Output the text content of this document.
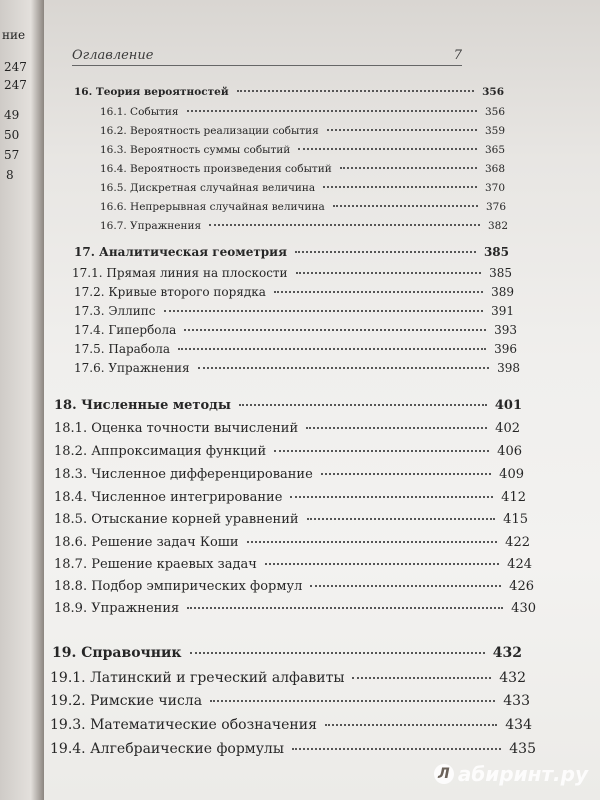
ние
247
247
49
50
57
8
Оглавление	7
16. Теория вероятностей	356
16.1. События	356
16.2. Вероятность реализации события	359
16.3. Вероятность суммы событий	365
16.4. Вероятность произведения событий	368
16.5. Дискретная случайная величина	370
16.6. Непрерывная случайная величина	376
16.7. Упражнения	382
17. Аналитическая геометрия	385
17.1. Прямая линия на плоскости	385
17.2. Кривые второго порядка	389
17.3. Эллипс	391
17.4. Гипербола	393
17.5. Парабола	396
17.6. Упражнения	398
18. Численные методы	401
18.1. Оценка точности вычислений	402
18.2. Аппроксимация функций	406
18.3. Численное дифференцирование	409
18.4. Численное интегрирование	412
18.5. Отыскание корней уравнений	415
18.6. Решение задач Коши	422
18.7. Решение краевых задач	424
18.8. Подбор эмпирических формул	426
18.9. Упражнения	430
19. Справочник	432
19.1. Латинский и греческий алфавиты	432
19.2. Римские числа	433
19.3. Математические обозначения	434
19.4. Алгебраические формулы	435
Л абиринт.ру
